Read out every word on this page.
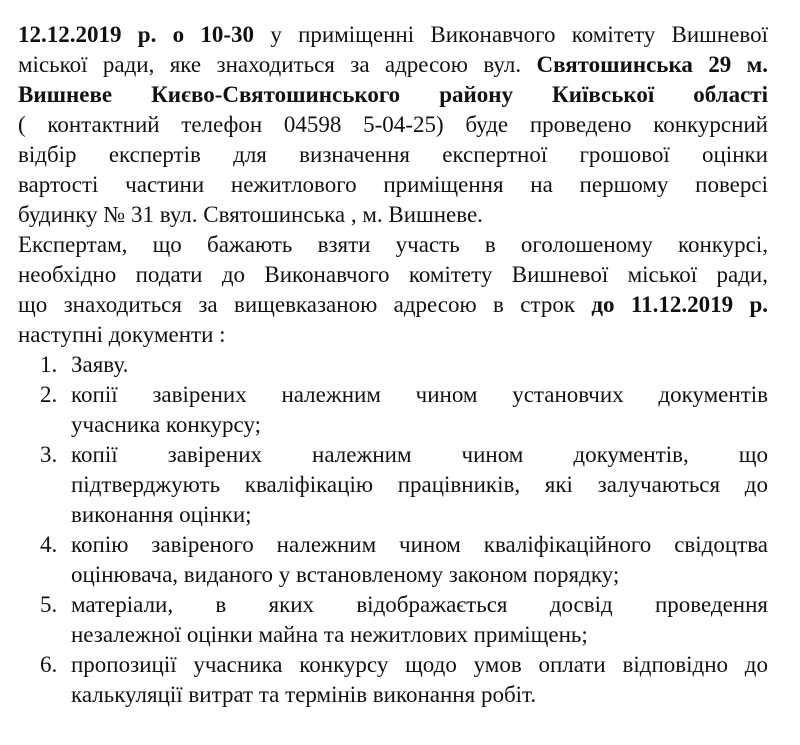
12.12.2019 р. о 10-30 у приміщенні Виконавчого комітету Вишневої
міської ради, яке знаходиться за адресою вул. Святошинська 29 м.
Вишневе Києво-Святошинського району Київської області
( контактний телефон 04598 5-04-25) буде проведено конкурсний
відбір експертів для визначення експертної грошової оцінки
вартості частини нежитлового приміщення на першому поверсі
будинку № 31 вул. Святошинська , м. Вишневе.
Експертам, що бажають взяти участь в оголошеному конкурсі,
необхідно подати до Виконавчого комітету Вишневої міської ради,
що знаходиться за вищевказаною адресою в строк до 11.12.2019 р.
наступні документи :
1. Заяву.
2. копії завірених належним чином установчих документів
учасника конкурсу;
3. копії завірених належним чином документів, що
підтверджують кваліфікацію працівників, які залучаються до
виконання оцінки;
4. копію завіреного належним чином кваліфікаційного свідоцтва
оцінювача, виданого у встановленому законом порядку;
5. матеріали, в яких відображається досвід проведення
незалежної оцінки майна та нежитлових приміщень;
6. пропозиції учасника конкурсу щодо умов оплати відповідно до
калькуляції витрат та термінів виконання робіт.
